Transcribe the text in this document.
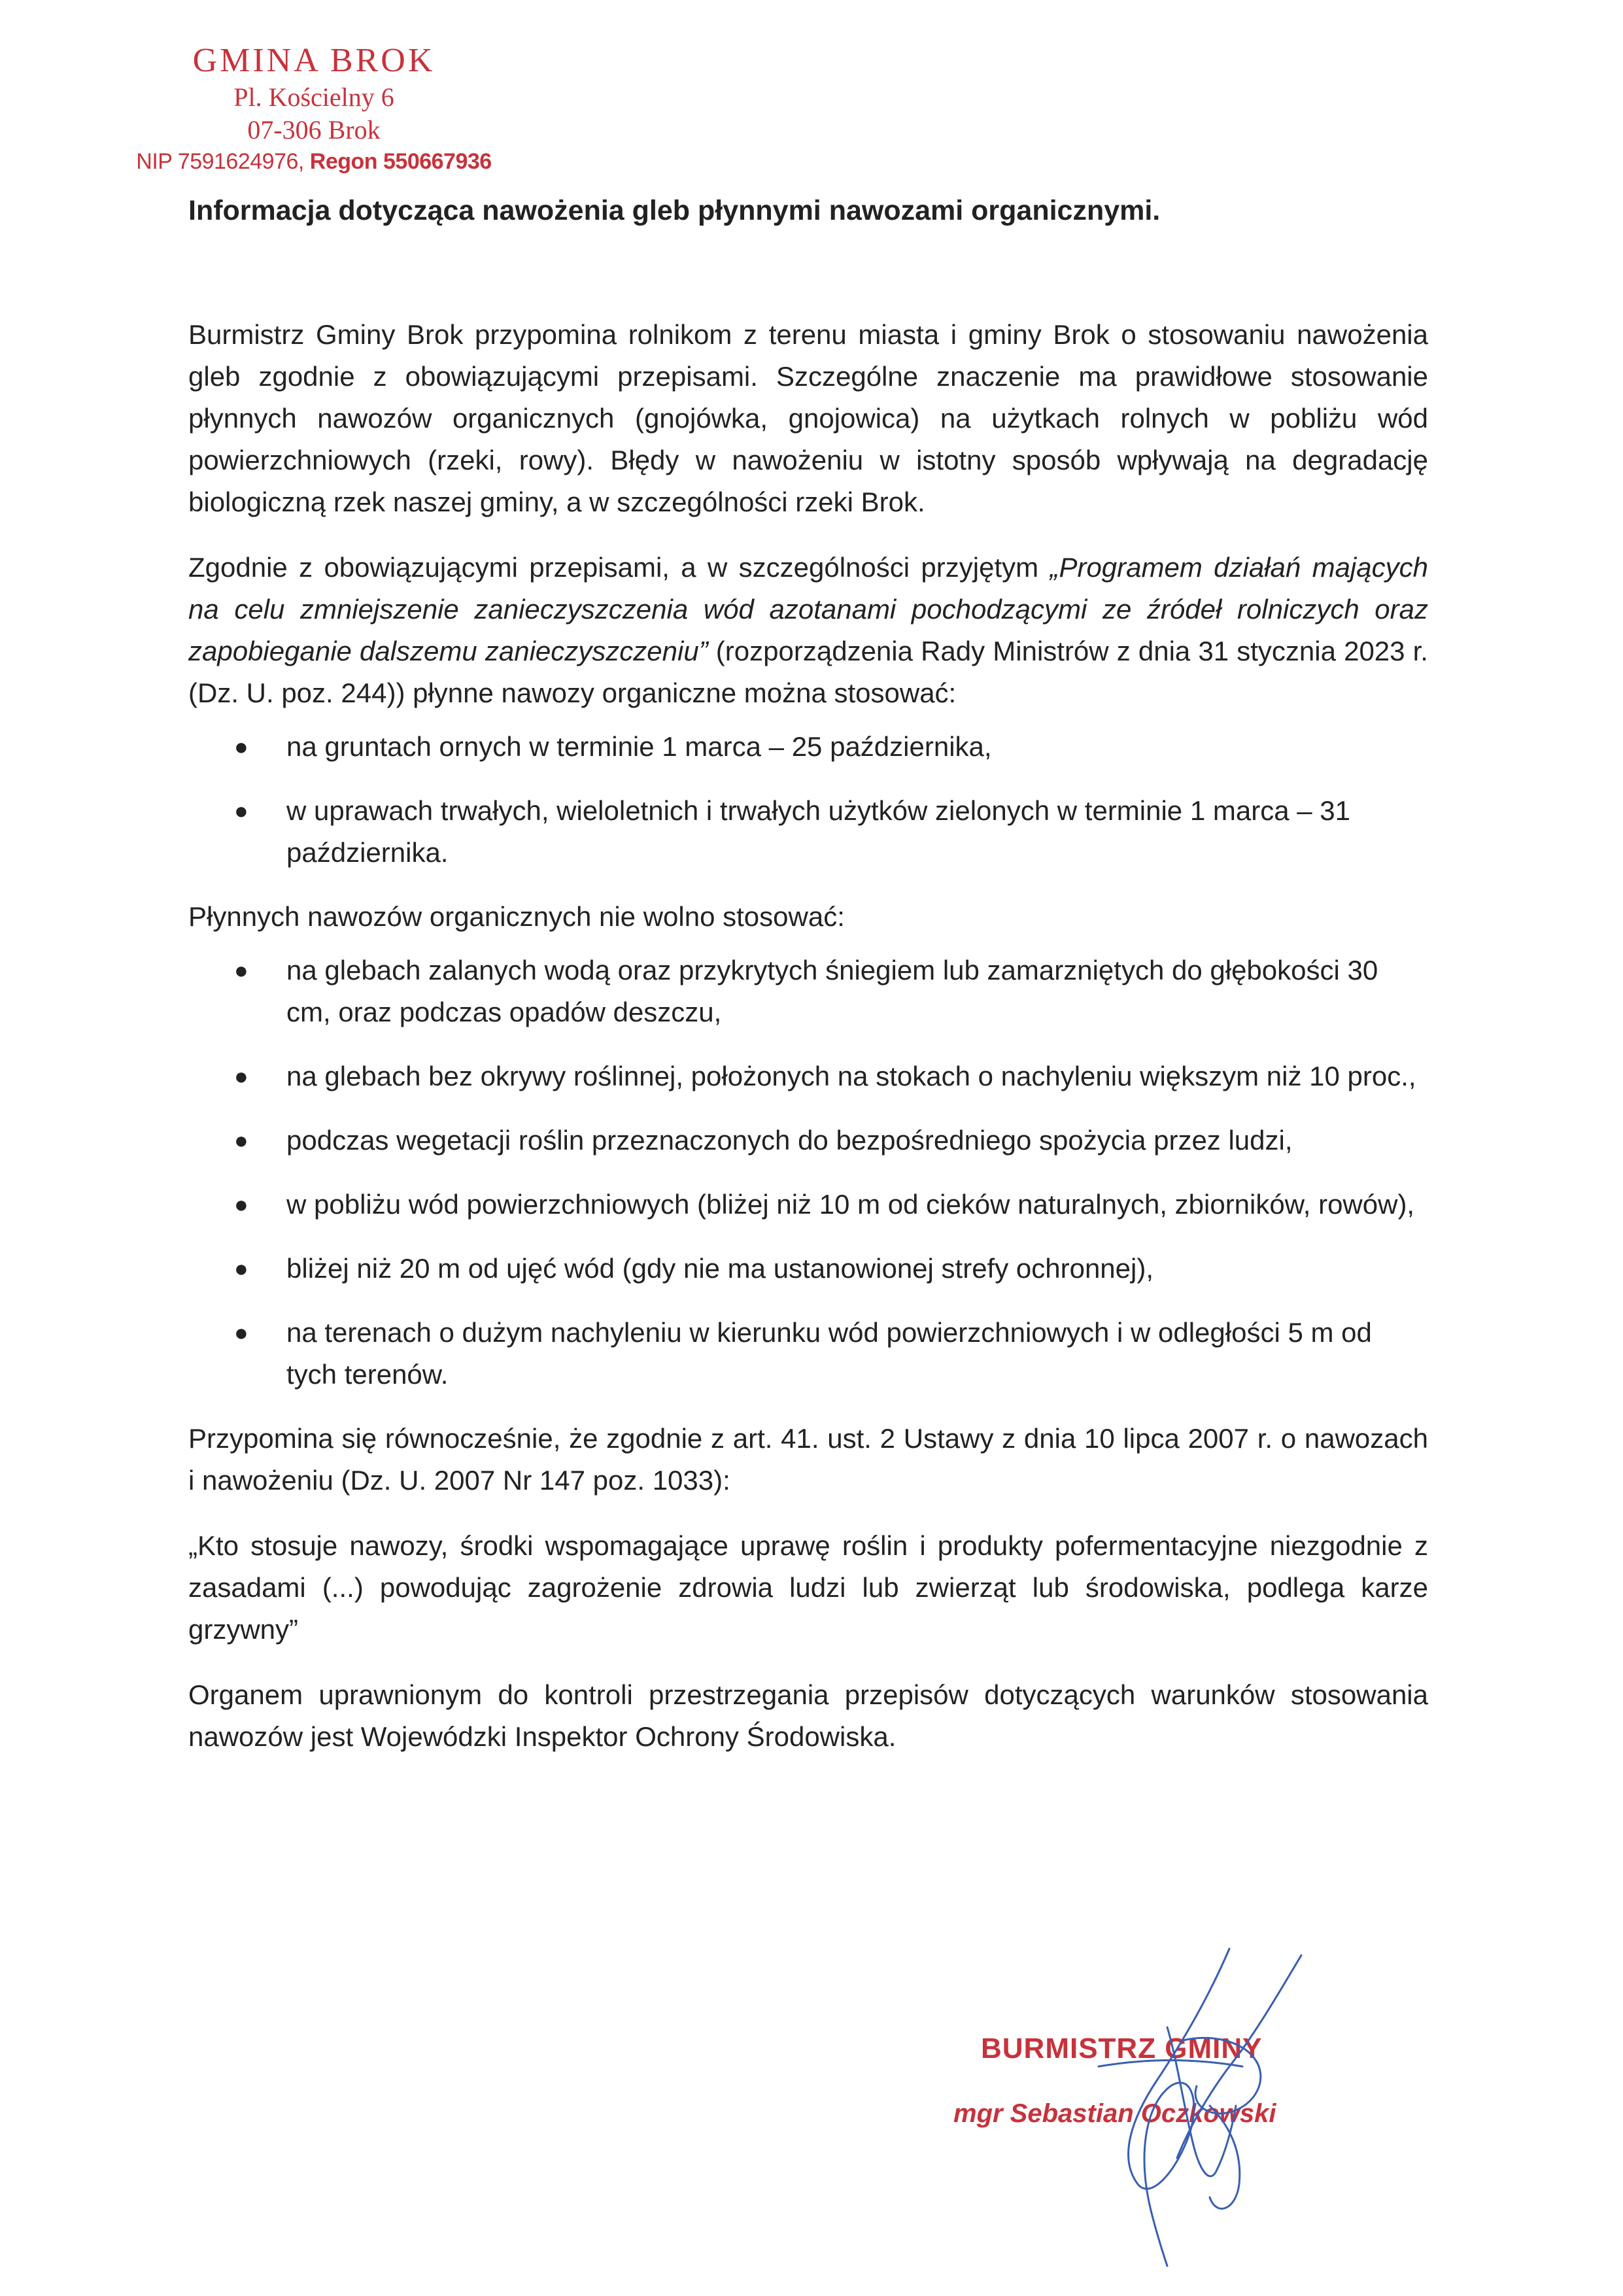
GMINA BROK
Pl. Kościelny 6
07-306 Brok
NIP 7591624976, Regon 550667936
Informacja dotycząca nawożenia gleb płynnymi nawozami organicznymi.

Burmistrz Gminy Brok przypomina rolnikom z terenu miasta i gminy Brok o stosowaniu nawożenia gleb zgodnie z obowiązującymi przepisami. Szczególne znaczenie ma prawidłowe stosowanie płynnych nawozów organicznych (gnojówka, gnojowica) na użytkach rolnych w pobliżu wód powierzchniowych (rzeki, rowy). Błędy w nawożeniu w istotny sposób wpływają na degradację biologiczną rzek naszej gminy, a w szczególności rzeki Brok.

Zgodnie z obowiązującymi przepisami, a w szczególności przyjętym „Programem działań mających na celu zmniejszenie zanieczyszczenia wód azotanami pochodzącymi ze źródeł rolniczych oraz zapobieganie dalszemu zanieczyszczeniu” (rozporządzenia Rady Ministrów z dnia 31 stycznia 2023 r. (Dz. U. poz. 244)) płynne nawozy organiczne można stosować:

● na gruntach ornych w terminie 1 marca – 25 października,
● w uprawach trwałych, wieloletnich i trwałych użytków zielonych w terminie 1 marca – 31 października.

Płynnych nawozów organicznych nie wolno stosować:

● na glebach zalanych wodą oraz przykrytych śniegiem lub zamarzniętych do głębokości 30 cm, oraz podczas opadów deszczu,
● na glebach bez okrywy roślinnej, położonych na stokach o nachyleniu większym niż 10 proc.,
● podczas wegetacji roślin przeznaczonych do bezpośredniego spożycia przez ludzi,
● w pobliżu wód powierzchniowych (bliżej niż 10 m od cieków naturalnych, zbiorników, rowów),
● bliżej niż 20 m od ujęć wód (gdy nie ma ustanowionej strefy ochronnej),
● na terenach o dużym nachyleniu w kierunku wód powierzchniowych i w odległości 5 m od tych terenów.

Przypomina się równocześnie, że zgodnie z art. 41. ust. 2 Ustawy z dnia 10 lipca 2007 r. o nawozach i nawożeniu (Dz. U. 2007 Nr 147 poz. 1033):

„Kto stosuje nawozy, środki wspomagające uprawę roślin i produkty pofermentacyjne niezgodnie z zasadami (...) powodując zagrożenie zdrowia ludzi lub zwierząt lub środowiska, podlega karze grzywny”

Organem uprawnionym do kontroli przestrzegania przepisów dotyczących warunków stosowania nawozów jest Wojewódzki Inspektor Ochrony Środowiska.

BURMISTRZ GMINY
mgr Sebastian Oczkowski
